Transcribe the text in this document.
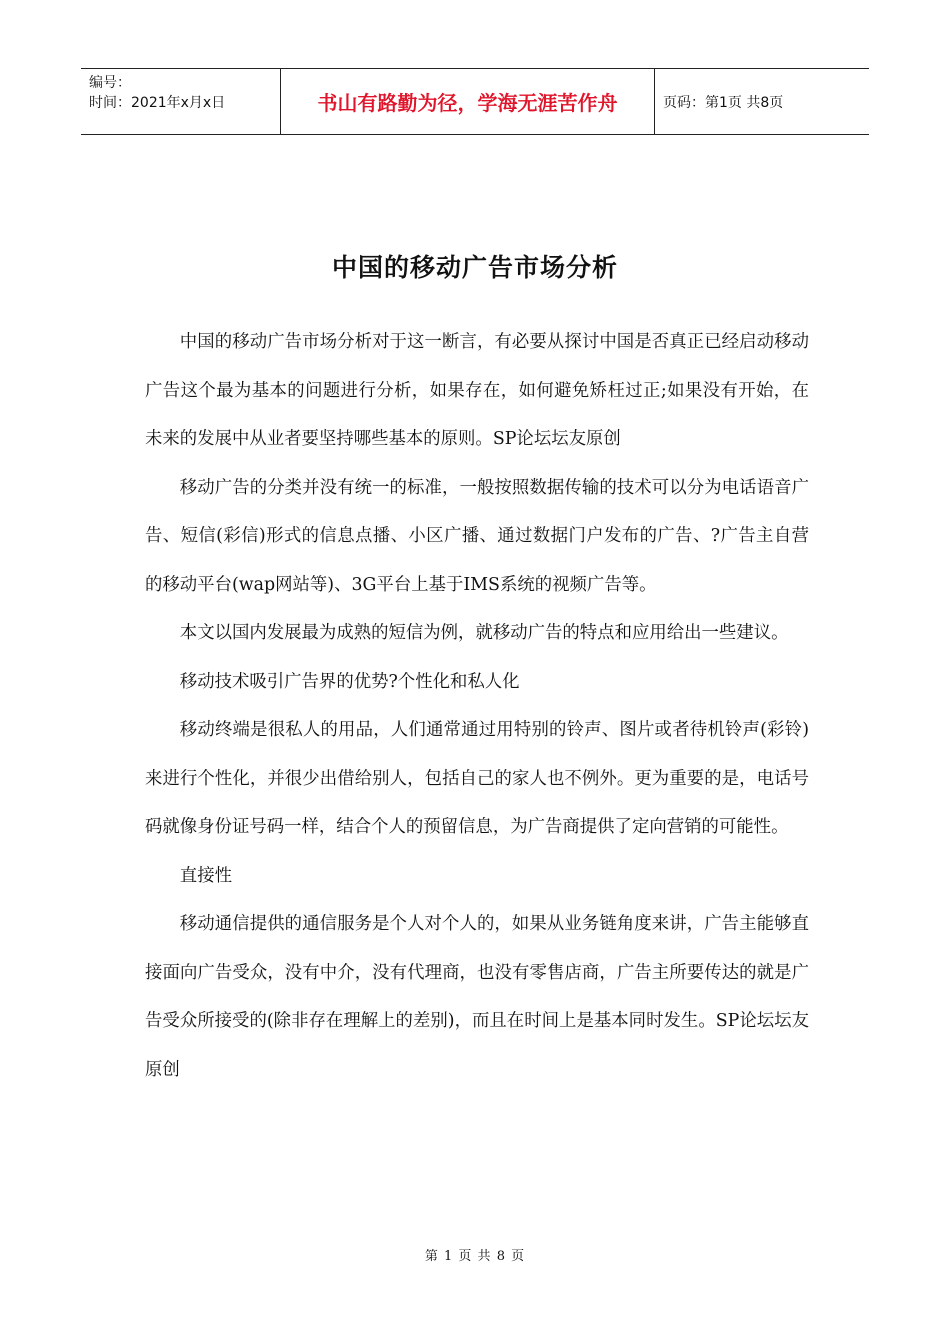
编号：
时间：2021年x月x日	书山有路勤为径，学海无涯苦作舟	页码：第1页 共8页
中国的移动广告市场分析

中国的移动广告市场分析对于这一断言，有必要从探讨中国是否真正已经启动移动广告这个最为基本的问题进行分析，如果存在，如何避免矫枉过正;如果没有开始，在未来的发展中从业者要坚持哪些基本的原则。SP论坛坛友原创

移动广告的分类并没有统一的标准，一般按照数据传输的技术可以分为电话语音广告、短信(彩信)形式的信息点播、小区广播、通过数据门户发布的广告、?广告主自营的移动平台(wap网站等)、3G平台上基于IMS系统的视频广告等。

本文以国内发展最为成熟的短信为例，就移动广告的特点和应用给出一些建议。

移动技术吸引广告界的优势?个性化和私人化

移动终端是很私人的用品，人们通常通过用特别的铃声、图片或者待机铃声(彩铃)来进行个性化，并很少出借给别人，包括自己的家人也不例外。更为重要的是，电话号码就像身份证号码一样，结合个人的预留信息，为广告商提供了定向营销的可能性。

直接性

移动通信提供的通信服务是个人对个人的，如果从业务链角度来讲，广告主能够直接面向广告受众，没有中介，没有代理商，也没有零售店商，广告主所要传达的就是广告受众所接受的(除非存在理解上的差别)，而且在时间上是基本同时发生。SP论坛坛友原创

第 1 页 共 8 页
